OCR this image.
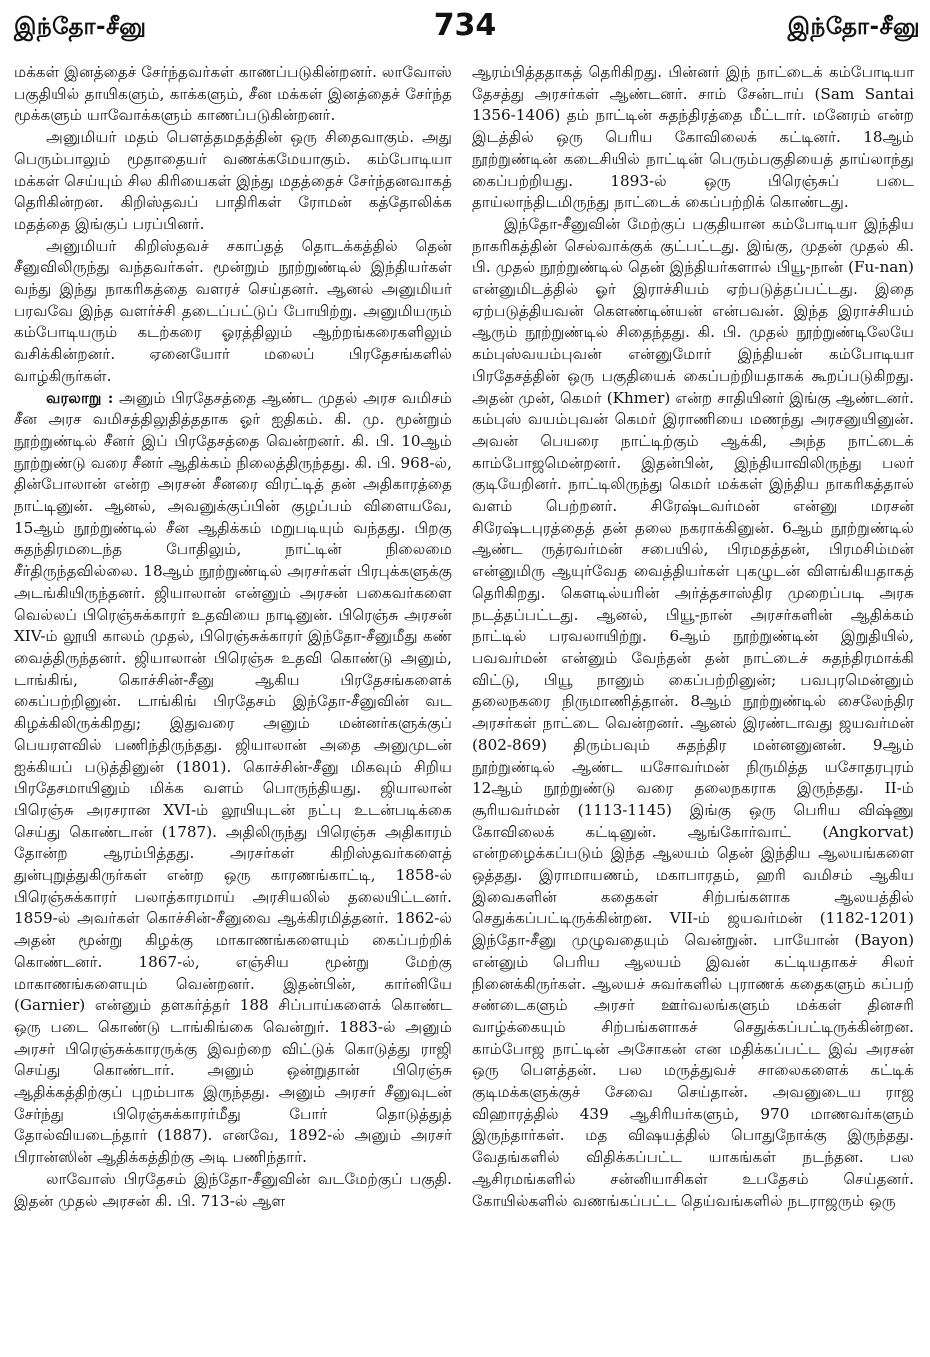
இந்தோ-சீனு	734	இந்தோ-சீனு

மக்கள் இனத்தைச் சேர்ந்தவர்கள் காணப்படுகின்றனர். லாவோஸ் பகுதியில் தாயிகளும், காக்களும், சீன மக்கள் இனத்தைச் சேர்ந்த மூக்களும் யாவோக்களும் காணப்படுகின்றனர்.

அனுமியர் மதம் பௌத்தமதத்தின் ஒரு சிதைவாகும். அது பெரும்பாலும் மூதாதையர் வணக்கமேயாகும். கம்போடியா மக்கள் செய்யும் சில கிரியைகள் இந்து மதத்தைச் சேர்ந்தனவாகத் தெரிகின்றன. கிறிஸ்தவப் பாதிரிகள் ரோமன் கத்தோலிக்க மதத்தை இங்குப் பரப்பினர்.

அனுமியர் கிறிஸ்தவச் சகாப்தத் தொடக்கத்தில் தென் சீனுவிலிருந்து வந்தவர்கள். மூன்றும் நூற்றுண்டில் இந்தியர்கள் வந்து இந்து நாகரிகத்தை வளரச் செய்தனர். ஆனல் அனுமியர் பரவவே இந்த வளர்ச்சி தடைப்பட்டுப் போயிற்று. அனுமியரும் கம்போடியரும் கடற்கரை ஓரத்திலும் ஆற்றங்கரைகளிலும் வசிக்கின்றனர். ஏனையோர் மலைப் பிரதேசங்களில் வாழ்கிருர்கள்.

வரலாறு : அனும் பிரதேசத்தை ஆண்ட முதல் அரச வமிசம் சீன அரச வமிசத்திலுதித்ததாக ஓர் ஐதிகம். கி. மு. மூன்றும் நூற்றுண்டில் சீனர் இப் பிரதேசத்தை வென்றனர். கி. பி. 10ஆம் நூற்றுண்டு வரை சீனர் ஆதிக்கம் நிலைத்திருந்தது. கி. பி. 968-ல், தின்போலான் என்ற அரசன் சீனரை விரட்டித் தன் அதிகாரத்தை நாட்டினுன். ஆனல், அவனுக்குப்பின் குழப்பம் விளையவே, 15ஆம் நூற்றுண்டில் சீன ஆதிக்கம் மறுபடியும் வந்தது. பிறகு சுதந்திரமடைந்த போதிலும், நாட்டின் நிலைமை சீர்திருந்தவில்லை. 18ஆம் நூற்றுண்டில் அரசர்கள் பிரபுக்களுக்கு அடங்கியிருந்தனர். ஜியாலான் என்னும் அரசன் பகைவர்களை வெல்லப் பிரெஞ்சுக்காரர் உதவியை நாடினுன். பிரெஞ்சு அரசன் XIV-ம் லூயி காலம் முதல், பிரெஞ்சுக்காரர் இந்தோ-சீனுமீது கண் வைத்திருந்தனர். ஜியாலான் பிரெஞ்சு உதவி கொண்டு அனும், டாங்கிங், கொச்சின்-சீனு ஆகிய பிரதேசங்களைக் கைப்பற்றினுன். டாங்கிங் பிரதேசம் இந்தோ-சீனுவின் வட கிழக்கிலிருக்கிறது; இதுவரை அனும் மன்னர்களுக்குப் பெயரளவில் பணிந்திருந்தது. ஜியாலான் அதை அனுமுடன் ஐக்கியப் படுத்தினுன் (1801). கொச்சின்-சீனு மிகவும் சிறிய பிரதேசமாயினும் மிக்க வளம் பொருந்தியது. ஜியாலான் பிரெஞ்சு அரசரான XVI-ம் லூயியுடன் நட்பு உடன்படிக்கை செய்து கொண்டான் (1787). அதிலிருந்து பிரெஞ்சு அதிகாரம் தோன்ற ஆரம்பித்தது. அரசர்கள் கிறிஸ்தவர்களைத் துன்புறுத்துகிருர்கள் என்ற ஒரு காரணங்காட்டி, 1858-ல் பிரெஞ்சுக்காரர் பலாத்காரமாய் அரசியலில் தலையிட்டனர். 1859-ல் அவர்கள் கொச்சின்-சீனுவை ஆக்கிரமித்தனர். 1862-ல் அதன் மூன்று கிழக்கு மாகாணங்களையும் கைப்பற்றிக் கொண்டனர். 1867-ல், எஞ்சிய மூன்று மேற்கு மாகாணங்களையும் வென்றனர். இதன்பின், கார்னியே (Garnier) என்னும் தளகர்த்தர் 188 சிப்பாய்களைக் கொண்ட ஒரு படை கொண்டு டாங்கிங்கை வென்றுர். 1883-ல் அனும் அரசர் பிரெஞ்சுக்காரருக்கு இவற்றை விட்டுக் கொடுத்து ராஜி செய்து கொண்டார். அனும் ஒன்றுதான் பிரெஞ்சு ஆதிக்கத்திற்குப் புறம்பாக இருந்தது. அனும் அரசர் சீனுவுடன் சேர்ந்து பிரெஞ்சுக்காரர்மீது போர் தொடுத்துத் தோல்வியடைந்தார் (1887). எனவே, 1892-ல் அனும் அரசர் பிரான்ஸின் ஆதிக்கத்திற்கு அடி பணிந்தார்.

லாவோஸ் பிரதேசம் இந்தோ-சீனுவின் வடமேற்குப் பகுதி. இதன் முதல் அரசன் கி. பி. 713-ல் ஆள

ஆரம்பித்ததாகத் தெரிகிறது. பின்னர் இந் நாட்டைக் கம்போடியா தேசத்து அரசர்கள் ஆண்டனர். சாம் சேன்டாய் (Sam Santai 1356-1406) தம் நாட்டின் சுதந்திரத்தை மீட்டார். மனேரம் என்ற இடத்தில் ஒரு பெரிய கோவிலைக் கட்டினர். 18ஆம் நூற்றுண்டின் கடைசியில் நாட்டின் பெரும்பகுதியைத் தாய்லாந்து கைப்பற்றியது. 1893-ல் ஒரு பிரெஞ்சுப் படை தாய்லாந்திடமிருந்து நாட்டைக் கைப்பற்றிக் கொண்டது.

இந்தோ-சீனுவின் மேற்குப் பகுதியான கம்போடியா இந்திய நாகரிகத்தின் செல்வாக்குக் குட்பட்டது. இங்கு, முதன் முதல் கி. பி. முதல் நூற்றுண்டில் தென் இந்தியர்களால் பியூ-நான் (Fu-nan) என்னுமிடத்தில் ஓர் இராச்சியம் ஏற்படுத்தப்பட்டது. இதை ஏற்படுத்தியவன் கௌண்டின்யன் என்பவன். இந்த இராச்சியம் ஆரும் நூற்றுண்டில் சிதைந்தது. கி. பி. முதல் நூற்றுண்டிலேயே கம்புஸ்வயம்புவன் என்னுமோர் இந்தியன் கம்போடியா பிரதேசத்தின் ஒரு பகுதியைக் கைப்பற்றியதாகக் கூறப்படுகிறது. அதன் முன், கெமர் (Khmer) என்ற சாதியினர் இங்கு ஆண்டனர். கம்புஸ் வயம்புவன் கெமர் இராணியை மணந்து அரசனுயினுன். அவன் பெயரை நாட்டிற்கும் ஆக்கி, அந்த நாட்டைக் காம்போஜமென்றனர். இதன்பின், இந்தியாவிலிருந்து பலர் குடியேறினர். நாட்டிலிருந்து கெமர் மக்கள் இந்திய நாகரிகத்தால் வளம் பெற்றனர். சிரேஷ்டவர்மன் என்னு மரசன் சிரேஷ்டபுரத்தைத் தன் தலை நகராக்கினுன். 6ஆம் நூற்றுண்டில் ஆண்ட ருத்ரவர்மன் சபையில், பிரமதத்தன், பிரமசிம்மன் என்னுமிரு ஆயுர்வேத வைத்தியர்கள் புகழுடன் விளங்கியதாகத் தெரிகிறது. கௌடில்யரின் அர்த்தசாஸ்திர முறைப்படி அரசு நடத்தப்பட்டது. ஆனல், பியூ-நான் அரசர்களின் ஆதிக்கம் நாட்டில் பரவலாயிற்று. 6ஆம் நூற்றுண்டின் இறுதியில், பவவர்மன் என்னும் வேந்தன் தன் நாட்டைச் சுதந்திரமாக்கி விட்டு, பியூ நானும் கைப்பற்றினுன்; பவபுரமென்னும் தலைநகரை நிருமாணித்தான். 8ஆம் நூற்றுண்டில் சைலேந்திர அரசர்கள் நாட்டை வென்றனர். ஆனல் இரண்டாவது ஜயவர்மன் (802-869) திரும்பவும் சுதந்திர மன்னனுனன். 9ஆம் நூற்றுண்டில் ஆண்ட யசோவர்மன் நிருமித்த யசோதரபுரம் 12ஆம் நூற்றுண்டு வரை தலைநகராக இருந்தது. II-ம் சூரியவர்மன் (1113-1145) இங்கு ஒரு பெரிய விஷ்ணு கோவிலைக் கட்டினுன். ஆங்கோர்வாட் (Angkorvat) என்றழைக்கப்படும் இந்த ஆலயம் தென் இந்திய ஆலயங்களை ஒத்தது. இராமாயணம், மகாபாரதம், ஹரி வமிசம் ஆகிய இவைகளின் கதைகள் சிற்பங்களாக ஆலயத்தில் செதுக்கப்பட்டிருக்கின்றன. VII-ம் ஜயவர்மன் (1182-1201) இந்தோ-சீனு முழுவதையும் வென்றுன். பாயோன் (Bayon) என்னும் பெரிய ஆலயம் இவன் கட்டியதாகச் சிலர் நினைக்கிருர்கள். ஆலயச் சுவர்களில் புராணக் கதைகளும் கப்பற் சண்டைகளும் அரசர் ஊர்வலங்களும் மக்கள் தினசரி வாழ்க்கையும் சிற்பங்களாகச் செதுக்கப்பட்டிருக்கின்றன. காம்போஜ நாட்டின் அசோகன் என மதிக்கப்பட்ட இவ் அரசன் ஒரு பௌத்தன். பல மருத்துவச் சாலைகளைக் கட்டிக் குடிமக்களுக்குச் சேவை செய்தான். அவனுடைய ராஜ விஹாரத்தில் 439 ஆசிரியர்களும், 970 மாணவர்களும் இருந்தார்கள். மத விஷயத்தில் பொதுநோக்கு இருந்தது. வேதங்களில் விதிக்கப்பட்ட யாகங்கள் நடந்தன. பல ஆசிரமங்களில் சன்னியாசிகள் உபதேசம் செய்தனர். கோயில்களில் வணங்கப்பட்ட தெய்வங்களில் நடராஜரும் ஒரு
